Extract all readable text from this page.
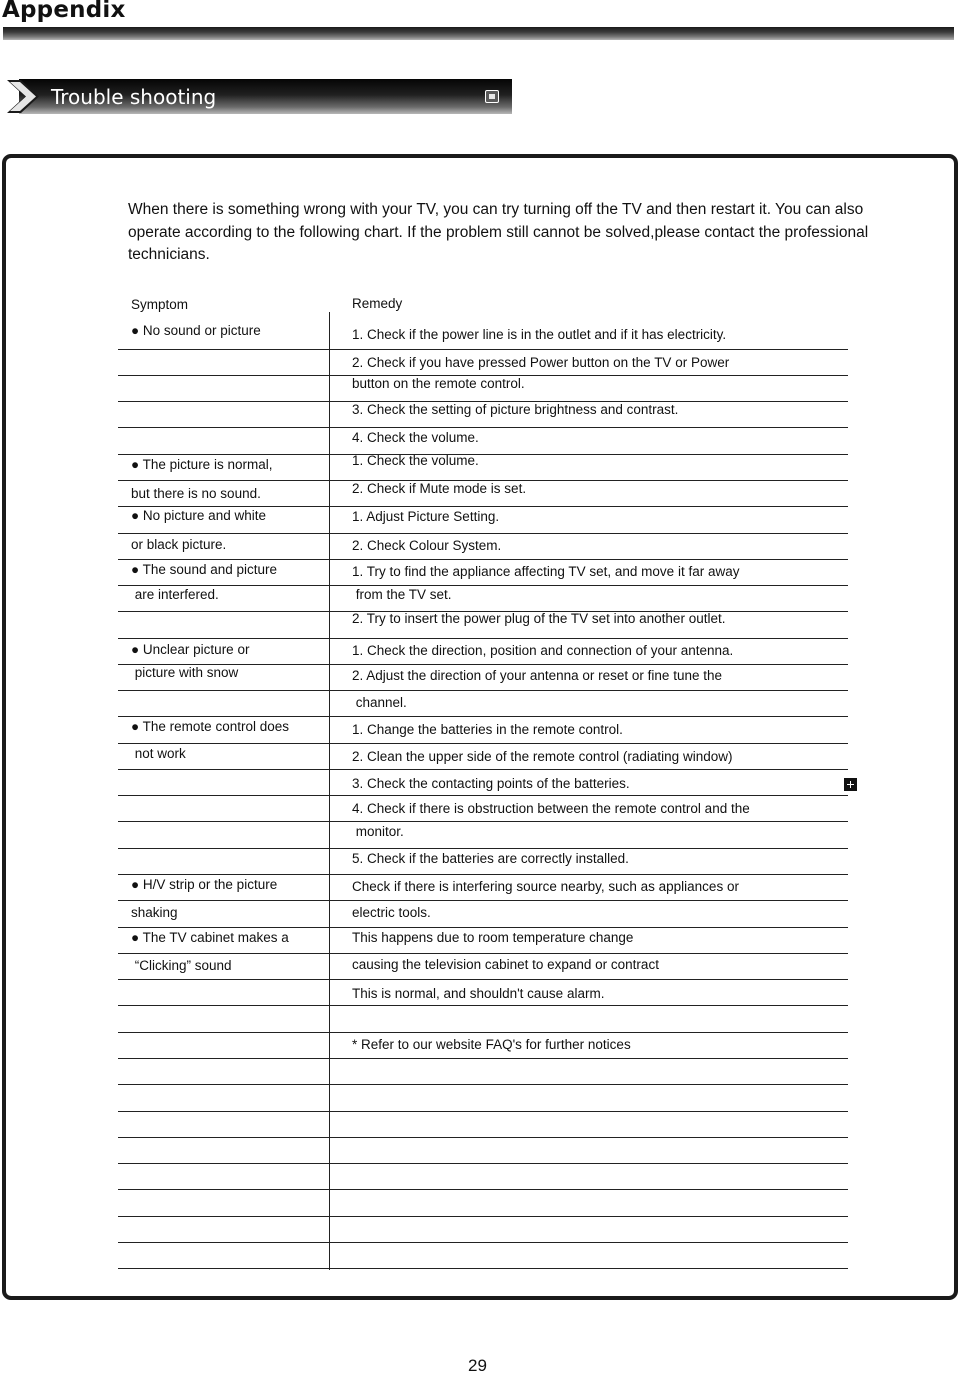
Appendix
Trouble shooting
When there is something wrong with your TV, you can try turning off the TV and then restart it. You can also operate according to the following chart. If the problem still cannot be solved,please contact the professional technicians.
Symptom	Remedy
● No sound or picture
● The picture is normal,
but there is no sound.
● No picture and white
or black picture.
● The sound and picture
are interfered.
● Unclear picture or
picture with snow
● The remote control does
not work
● H/V strip or the picture
shaking
● The TV cabinet makes a
“Clicking” sound
1. Check if the power line is in the outlet and if it has electricity.
2. Check if you have pressed Power button on the TV or Power
button on the remote control.
3. Check the setting of picture brightness and contrast.
4. Check the volume.
1. Check the volume.
2. Check if Mute mode is set.
1. Adjust Picture Setting.
2. Check Colour System.
1. Try to find the appliance affecting TV set, and move it far away
from the TV set.
2. Try to insert the power plug of the TV set into another outlet.
1. Check the direction, position and connection of your antenna.
2. Adjust the direction of your antenna or reset or fine tune the
channel.
1. Change the batteries in the remote control.
2. Clean the upper side of the remote control (radiating window)
3. Check the contacting points of the batteries.
4. Check if there is obstruction between the remote control and the
monitor.
5. Check if the batteries are correctly installed.
Check if there is interfering source nearby, such as appliances or
electric tools.
This happens due to room temperature change
causing the television cabinet to expand or contract
This is normal, and shouldn't cause alarm.
* Refer to our website FAQ's for further notices
29
